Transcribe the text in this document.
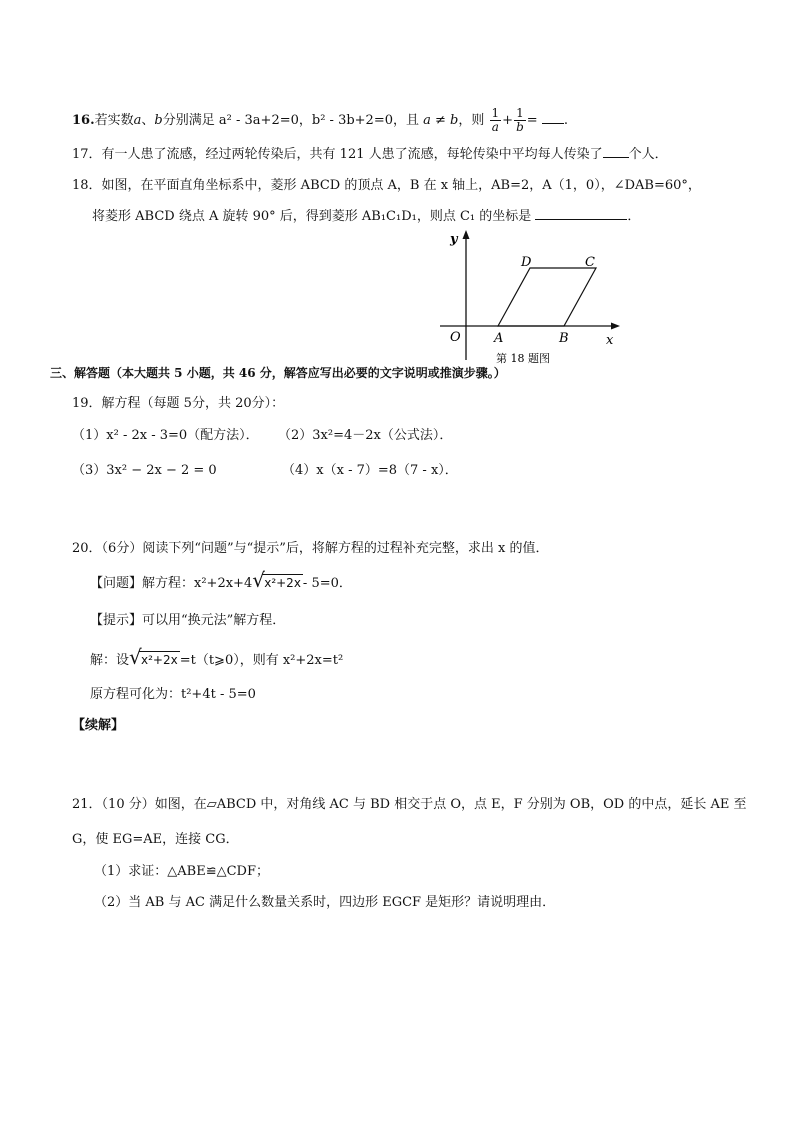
16.若实数a、b分别满足 a² - 3a+2=0，b² - 3b+2=0，且 a ≠ b，则 $\frac{1}{a} + \frac{1}{b}$ = .
17．有一人患了流感，经过两轮传染后，共有 121 人患了流感，每轮传染中平均每人传染了 个人．
18．如图，在平面直角坐标系中，菱形 ABCD 的顶点 A，B 在 x 轴上，AB=2，A（1，0），∠DAB=60°，
将菱形 ABCD 绕点 A 旋转 90° 后，得到菱形 AB₁C₁D₁，则点 C₁ 的坐标是	．
y
x
O	A	B
C
D
第 18 题图
三、解答题（本大题共 5 小题，共 46 分，解答应写出必要的文字说明或推演步骤。）
19．解方程（每题 5分，共 20分）：
（1）x² - 2x - 3=0（配方法）． （2）3x²=4－2x（公式法）．
（3）3x² − 2x − 2 = 0	（4）x（x - 7）=8（7 - x）．
20．（6分）阅读下列“问题”与“提示”后，将解方程的过程补充完整，求出 x 的值．
【问题】解方程：x²+2x+4 √ x²+2x - 5=0．
【提示】可以用“换元法”解方程．
解：设 √ x²+2x =t（t⩾0），则有 x²+2x=t²
原方程可化为：t²+4t - 5=0
【续解】
21．（10 分）如图，在▱ABCD 中，对角线 AC 与 BD 相交于点 O，点 E，F 分别为 OB，OD 的中点，延长 AE 至
G，使 EG=AE，连接 CG．
（1）求证：△ABE≌△CDF；
（2）当 AB 与 AC 满足什么数量关系时，四边形 EGCF 是矩形？请说明理由．
